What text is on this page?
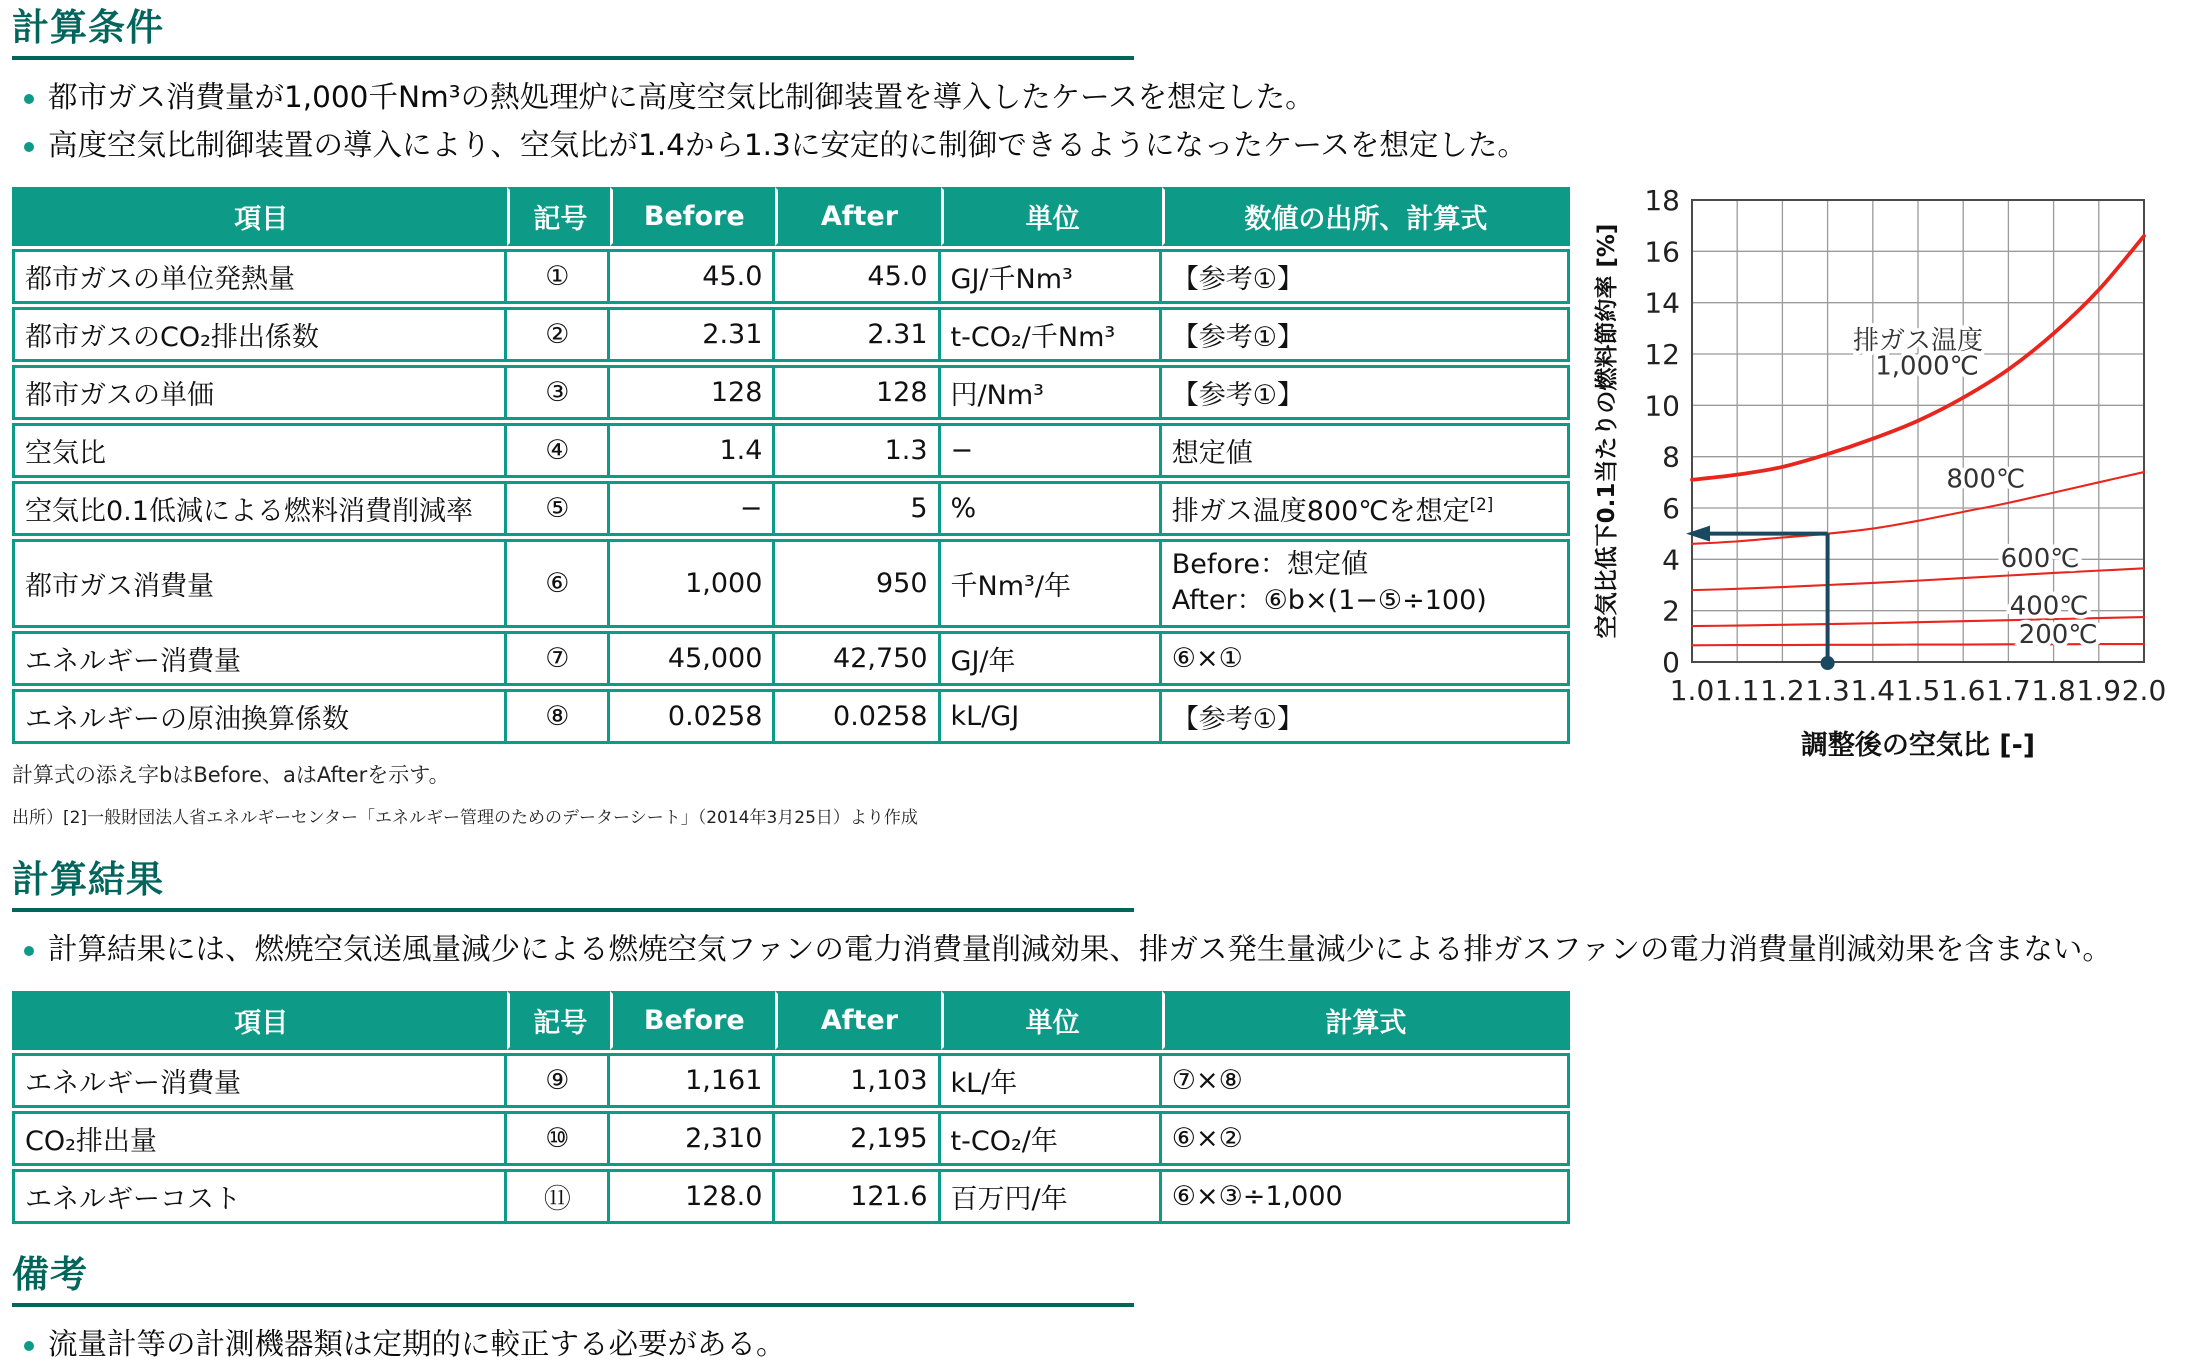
計算条件
都市ガス消費量が1,000千Nm³の熱処理炉に高度空気比制御装置を導入したケースを想定した。
高度空気比制御装置の導入により、空気比が1.4から1.3に安定的に制御できるようになったケースを想定した。
項目	記号	Before	After	単位	数値の出所、計算式
都市ガスの単位発熱量	①	45.0	45.0	GJ/千Nm³	【参考①】
都市ガスのCO₂排出係数	②	2.31	2.31	t-CO₂/千Nm³	【参考①】
都市ガスの単価	③	128	128	円/Nm³	【参考①】
空気比	④	1.4	1.3	−	想定値
空気比0.1低減による燃料消費削減率	⑤	−	5	%	排ガス温度800℃を想定[2]
都市ガス消費量	⑥	1,000	950	千Nm³/年	Before：想定値
After：⑥b×(1−⑤÷100)

エネルギー消費量	⑦	45,000	42,750	GJ/年	⑥×①
エネルギーの原油換算係数	⑧	0.0258	0.0258	kL/GJ	【参考①】
計算式の添え字bはBefore、aはAfterを示す。
出所）[2]一般財団法人省エネルギーセンター「エネルギー管理のためのデーターシート」（2014年3月25日）より作成
計算結果
計算結果には、燃焼空気送風量減少による燃焼空気ファンの電力消費量削減効果、排ガス発生量減少による排ガスファンの電力消費量削減効果を含まない。
項目	記号	Before	After	単位	計算式
エネルギー消費量	⑨	1,161	1,103	kL/年	⑦×⑧
CO₂排出量	⑩	2,310	2,195	t-CO₂/年	⑥×②
エネルギーコスト	⑪	128.0	121.6	百万円/年	⑥×③÷1,000
備考
流量計等の計測機器類は定期的に較正する必要がある。
排ガス温度
1,000℃
800℃
600℃
400℃
200℃
0
2
4
6
8
10
12
14
16
18
1.0 1.1 1.2 1.3 1.4 1.5 1.6 1.7 1.8 1.9 2.0
調整後の空気比 [-]
空気比低下0.1当たりの燃料節約率 [%]
